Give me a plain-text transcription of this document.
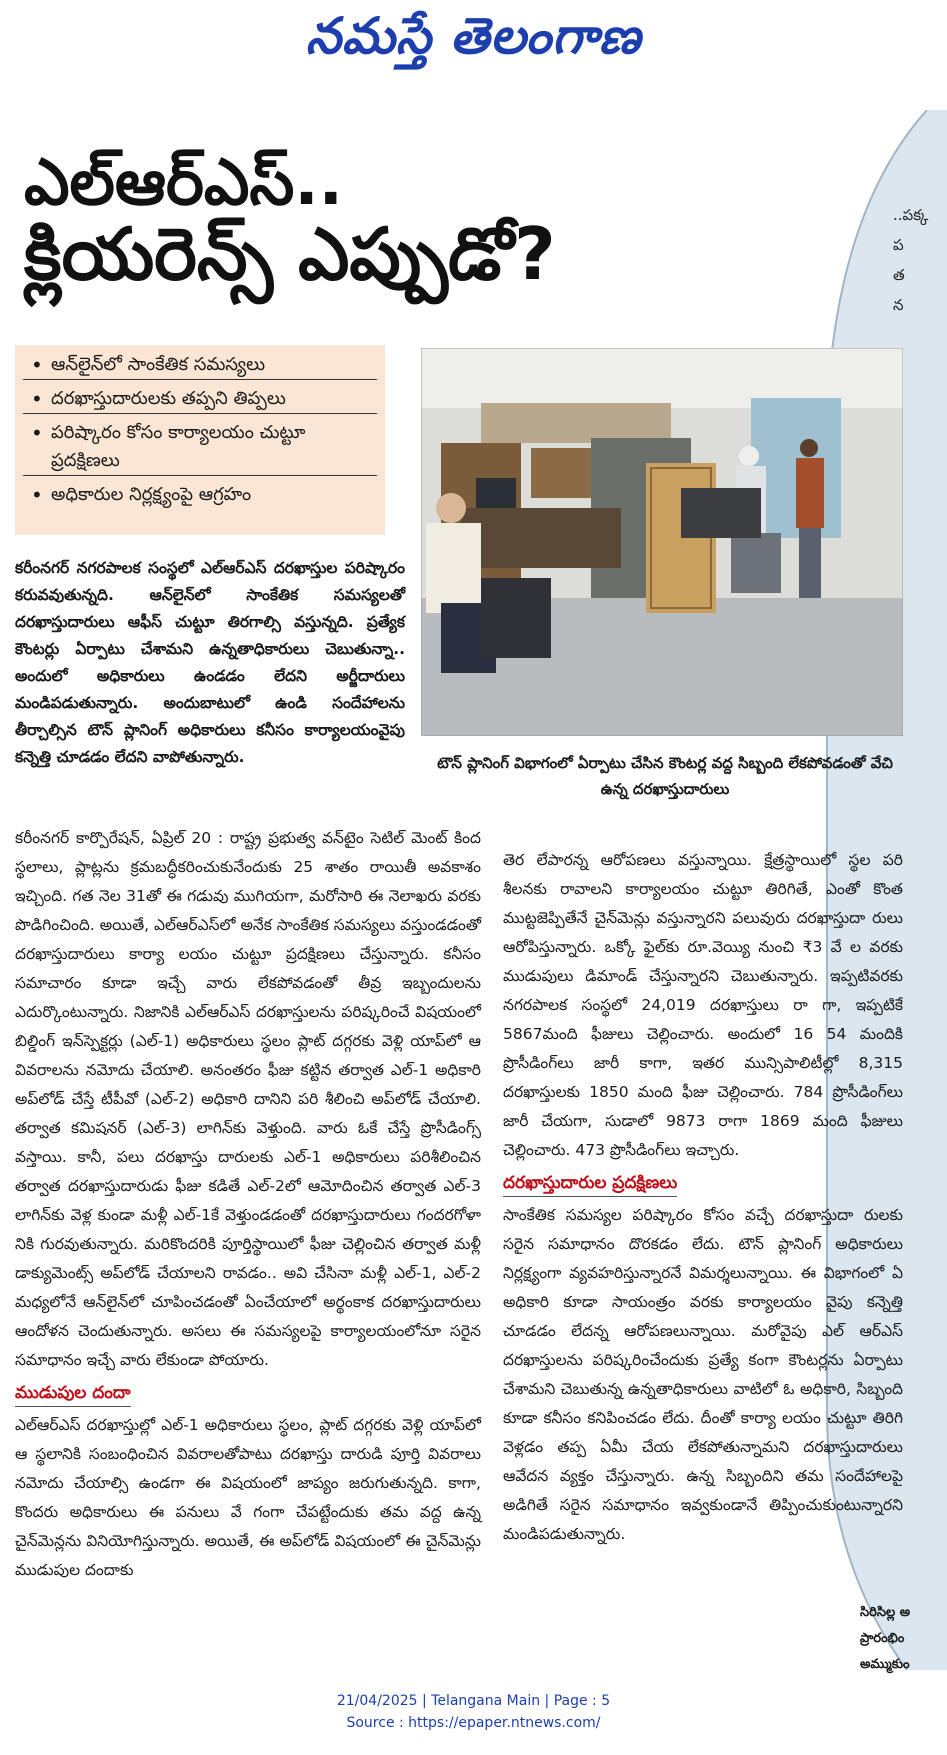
నమస్తే తెలంగాణ
..పక్క
ప
త
న
ఎల్‌ఆర్‌ఎస్‌..
క్లియరెన్స్‌ ఎప్పుడో?
• ఆన్‌లైన్‌లో సాంకేతిక సమస్యలు
• దరఖాస్తుదారులకు తప్పని తిప్పలు
• పరిష్కారం కోసం కార్యాలయం చుట్టూ ప్రదక్షిణలు
• అధికారుల నిర్లక్ష్యంపై ఆగ్రహం
టౌన్‌ ప్లానింగ్‌ విభాగంలో ఏర్పాటు చేసిన కౌంటర్ల వద్ద సిబ్బంది లేకపోవడంతో వేచి ఉన్న దరఖాస్తుదారులు
కరీంనగర్‌ నగరపాలక సంస్థలో ఎల్‌ఆర్‌ఎస్‌ దరఖాస్తుల పరిష్కారం కరువవుతున్నది. ఆన్‌లైన్‌లో సాంకేతిక సమస్యలతో దరఖాస్తుదారులు ఆఫీస్‌ చుట్టూ తిరగాల్సి వస్తున్నది. ప్రత్యేక కౌంటర్లు ఏర్పాటు చేశామని ఉన్నతాధికారులు చెబుతున్నా.. అందులో అధికారులు ఉండడం లేదని అర్జీదారులు మండిపడుతున్నారు. అందుబాటులో ఉండి సందేహాలను తీర్చాల్సిన టౌన్‌ ప్లానింగ్‌ అధికారులు కనీసం కార్యాలయంవైపు కన్నెత్తి చూడడం లేదని వాపోతున్నారు.
కరీంనగర్‌ కార్పొరేషన్‌, ఏప్రిల్‌ 20 : రాష్ట్ర ప్రభుత్వ వన్‌టైం సెటిల్‌ మెంట్‌ కింద స్థలాలు, ప్లాట్లను క్రమబద్ధీకరించుకునేందుకు 25 శాతం రాయితీ అవకాశం ఇచ్చింది. గత నెల 31తో ఈ గడువు ముగియగా, మరోసారి ఈ నెలాఖరు వరకు పొడిగించింది. అయితే, ఎల్‌ఆర్‌ఎస్‌లో అనేక సాంకేతిక సమస్యలు వస్తుండడంతో దరఖాస్తుదారులు కార్యా లయం చుట్టూ ప్రదక్షిణలు చేస్తున్నారు. కనీసం సమాచారం కూడా ఇచ్చే వారు లేకపోవడంతో తీవ్ర ఇబ్బందులను ఎదుర్కొంటున్నారు. నిజానికి ఎల్‌ఆర్‌ఎస్‌ దరఖాస్తులను పరిష్కరించే విషయంలో బిల్డింగ్‌ ఇన్‌స్పెక్టర్లు (ఎల్‌-1) అధికారులు స్థలం ప్లాట్‌ దగ్గరకు వెళ్లి యాప్‌లో ఆ వివరాలను నమోదు చేయాలి. అనంతరం ఫీజు కట్టిన తర్వాత ఎల్‌-1 అధికారి అప్‌లోడ్‌ చేస్తే టీపీవో (ఎల్‌-2) అధికారి దానిని పరి శీలించి అప్‌లోడ్‌ చేయాలి. తర్వాత కమిషనర్‌ (ఎల్‌-3) లాగిన్‌కు వెళ్తుంది. వారు ఓకే చేస్తే ప్రొసీడింగ్స్‌ వస్తాయి. కానీ, పలు దరఖాస్తు దారులకు ఎల్‌-1 అధికారులు పరిశీలించిన తర్వాత దరఖాస్తుదారుడు ఫీజు కడితే ఎల్‌-2లో ఆమోదించిన తర్వాత ఎల్‌-3 లాగిన్‌కు వెళ్ల కుండా మళ్లీ ఎల్‌-1కే వెళ్తుండడంతో దరఖాస్తుదారులు గందరగోళా నికి గురవుతున్నారు. మరికొందరికి పూర్తిస్థాయిలో ఫీజు చెల్లించిన తర్వాత మళ్లీ డాక్యుమెంట్స్‌ అప్‌లోడ్‌ చేయాలని రావడం.. అవి చేసినా మళ్లీ ఎల్‌-1, ఎల్‌-2 మధ్యలోనే ఆన్‌లైన్‌లో చూపించడంతో ఏంచేయాలో అర్థంకాక దరఖాస్తుదారులు ఆందోళన చెందుతున్నారు. అసలు ఈ సమస్యలపై కార్యాలయంలోనూ సరైన సమాధానం ఇచ్చే వారు లేకుండా పోయారు.
ముడుపుల దందా
ఎల్‌ఆర్‌ఎస్‌ దరఖాస్తుల్లో ఎల్‌-1 అధికారులు స్థలం, ప్లాట్‌ దగ్గరకు వెళ్లి యాప్‌లో ఆ స్థలానికి సంబంధించిన వివరాలతోపాటు దరఖాస్తు దారుడి పూర్తి వివరాలు నమోదు చేయాల్సి ఉండగా ఈ విషయంలో జాప్యం జరుగుతున్నది. కాగా, కొందరు అధికారులు ఈ పనులు వే గంగా చేపట్టేందుకు తమ వద్ద ఉన్న చైన్‌మెన్లను వినియోగిస్తున్నారు. అయితే, ఈ అప్‌లోడ్‌ విషయంలో ఈ చైన్‌మెన్లు ముడుపుల దందాకు
తెర లేపారన్న ఆరోపణలు వస్తున్నాయి. క్షేత్రస్థాయిలో స్థల పరి శీలనకు రావాలని కార్యాలయం చుట్టూ తిరిగితే, ఎంతో కొంత ముట్టజెప్పితేనే చైన్‌మెన్లు వస్తున్నారని పలువురు దరఖాస్తుదా రులు ఆరోపిస్తున్నారు. ఒక్కో ఫైల్‌కు రూ.వెయ్యి నుంచి ₹3 వే ల వరకు ముడుపులు డిమాండ్‌ చేస్తున్నారని చెబుతున్నారు. ఇప్పటివరకు నగరపాలక సంస్థలో 24,019 దరఖాస్తులు రా గా, ఇప్పటికే 5867మంది ఫీజులు చెల్లించారు. అందులో 16 54 మందికి ప్రొసీడింగ్‌లు జారీ కాగా, ఇతర మున్సిపాలిటీల్లో 8,315 దరఖాస్తులకు 1850 మంది ఫీజు చెల్లించారు. 784 ప్రొసీడింగ్‌లు జారీ చేయగా, సుడాలో 9873 రాగా 1869 మంది ఫీజులు చెల్లించారు. 473 ప్రొసీడింగ్‌లు ఇచ్చారు.
దరఖాస్తుదారుల ప్రదక్షిణలు
సాంకేతిక సమస్యల పరిష్కారం కోసం వచ్చే దరఖాస్తుదా రులకు సరైన సమాధానం దొరకడం లేదు. టౌన్‌ ప్లానింగ్‌ అధికారులు నిర్లక్ష్యంగా వ్యవహరిస్తున్నారనే విమర్శలున్నాయి. ఈ విభాగంలో ఏ అధికారి కూడా సాయంత్రం వరకు కార్యాలయం వైపు కన్నెత్తి చూడడం లేదన్న ఆరోపణలున్నాయి. మరోవైపు ఎల్‌ ఆర్‌ఎస్‌ దరఖాస్తులను పరిష్కరించేందుకు ప్రత్యే కంగా కౌంటర్లను ఏర్పాటు చేశామని చెబుతున్న ఉన్నతాధికారులు వాటిలో ఓ అధికారి, సిబ్బంది కూడా కనీసం కనిపించడం లేదు. దీంతో కార్యా లయం చుట్టూ తిరిగి వెళ్లడం తప్ప ఏమీ చేయ లేకపోతున్నామని దరఖాస్తుదారులు ఆవేదన వ్యక్తం చేస్తున్నారు. ఉన్న సిబ్బందిని తమ సందేహాలపై అడిగితే సరైన సమాధానం ఇవ్వకుండానే తిప్పించుకుంటున్నారని మండిపడుతున్నారు.
సిరిసిల్ల అ
ప్రారంభిం
అమ్ముకుం
21/04/2025 | Telangana Main | Page : 5
Source : https://epaper.ntnews.com/
